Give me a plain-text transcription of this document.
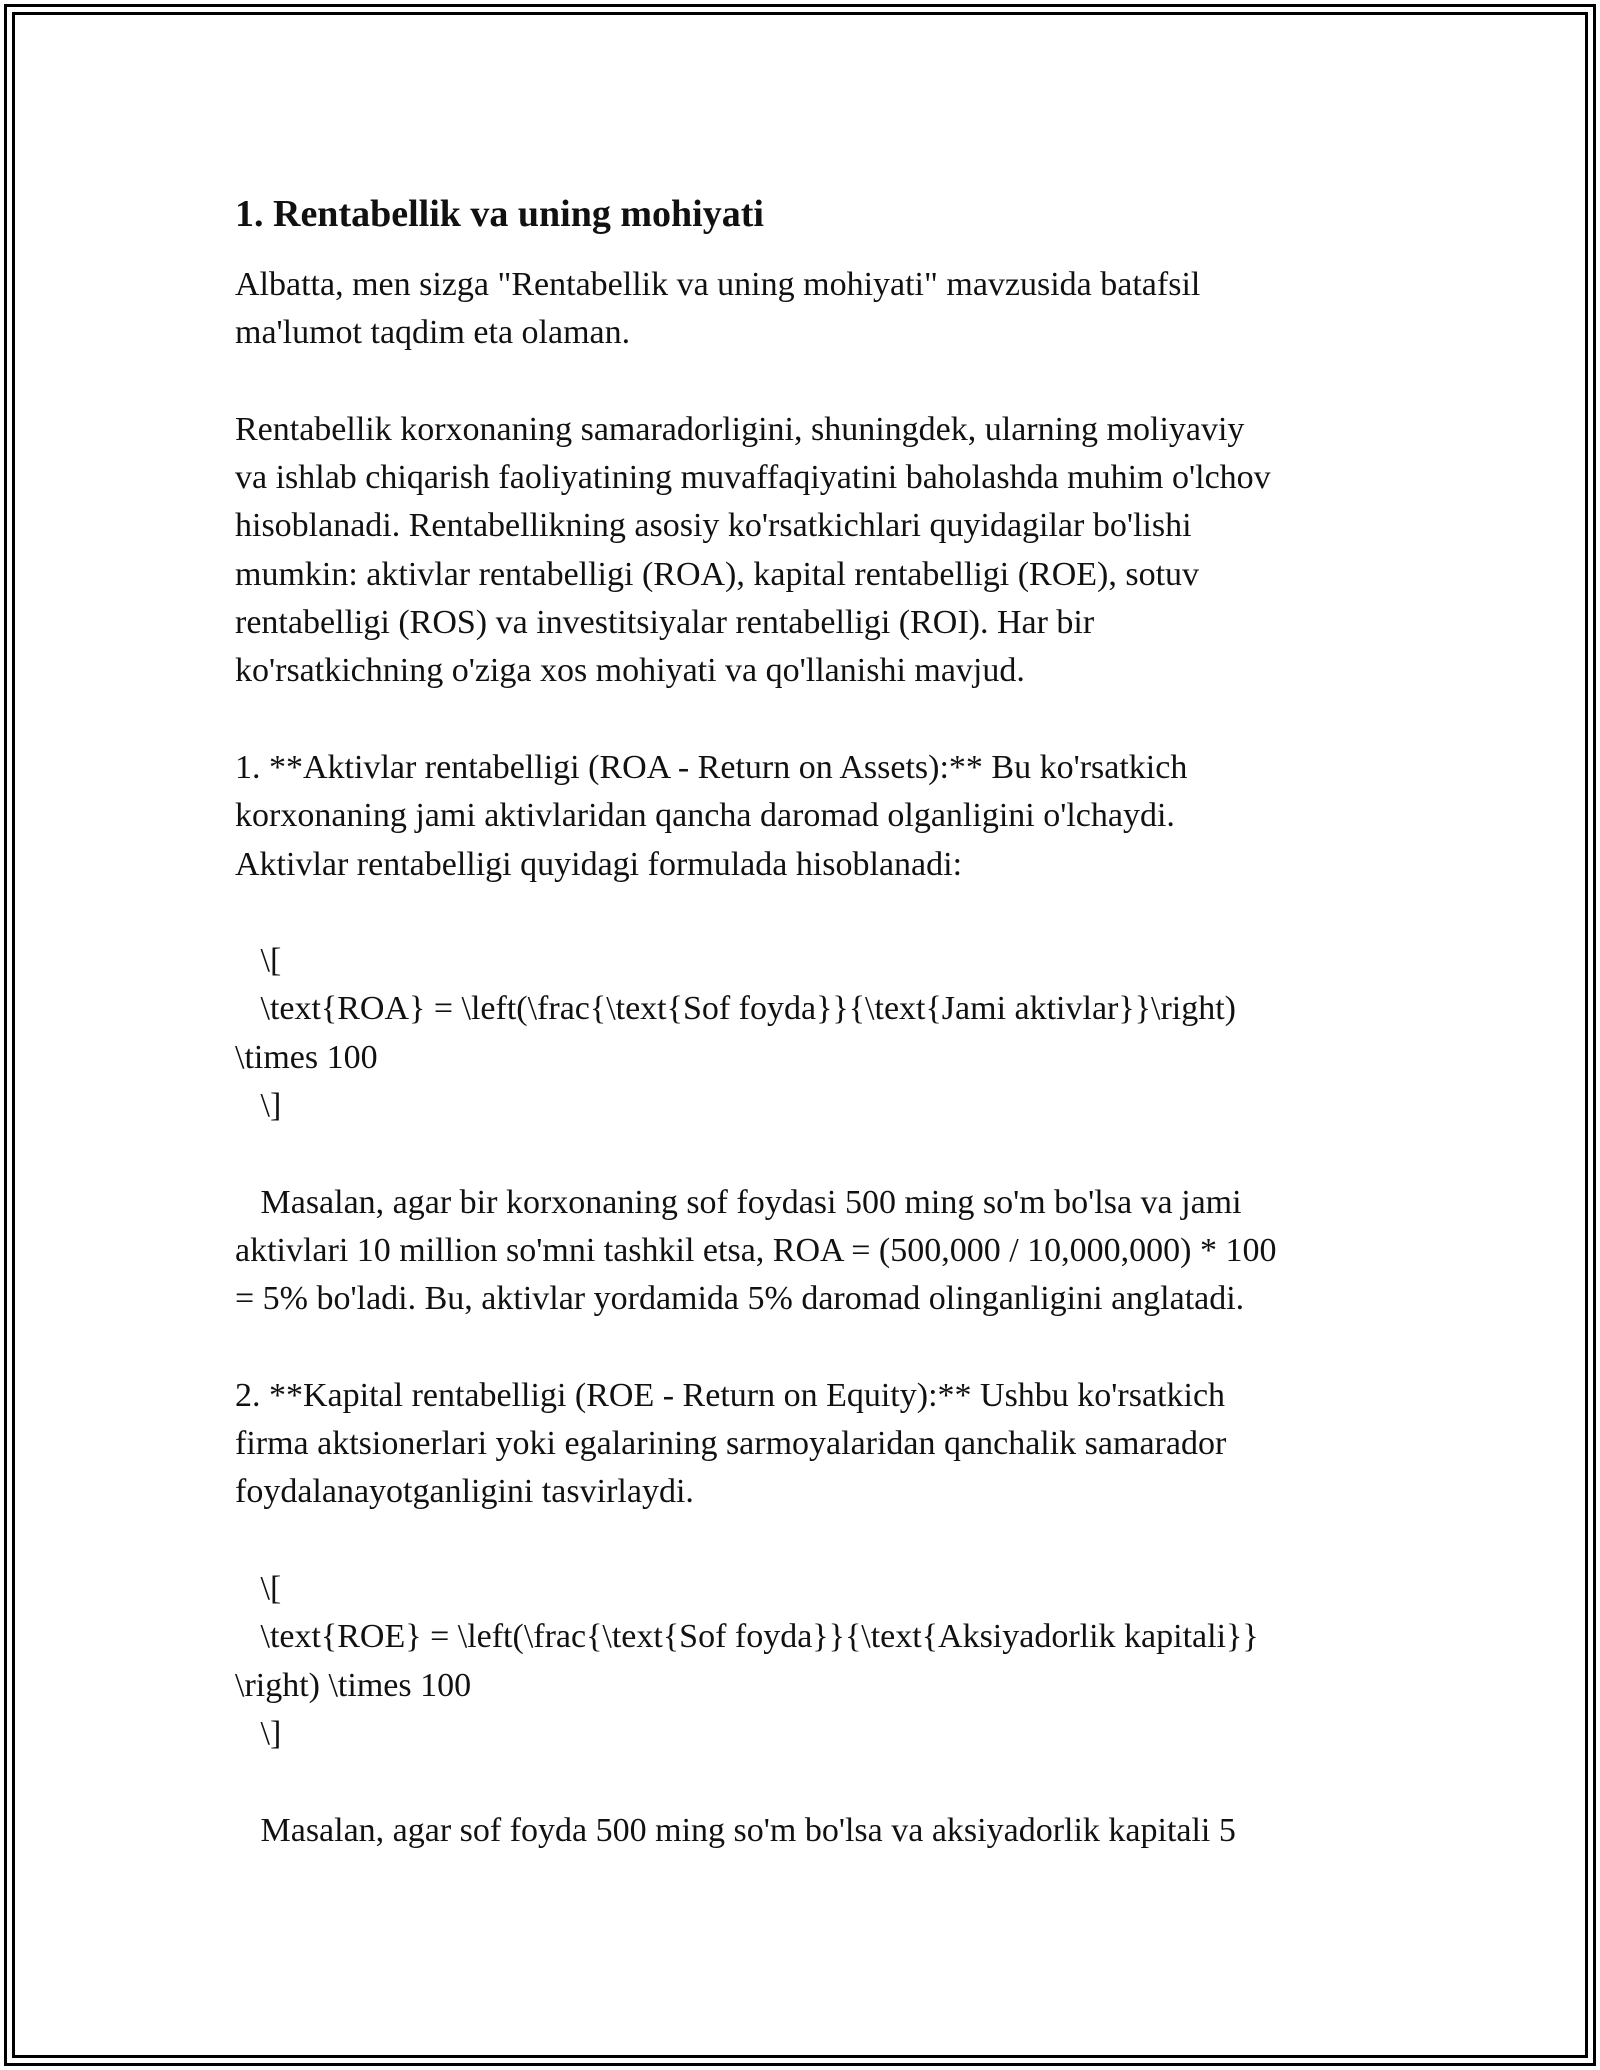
1. Rentabellik va uning mohiyati

Albatta, men sizga "Rentabellik va uning mohiyati" mavzusida batafsil
ma'lumot taqdim eta olaman.

Rentabellik korxonaning samaradorligini, shuningdek, ularning moliyaviy
va ishlab chiqarish faoliyatining muvaffaqiyatini baholashda muhim o'lchov
hisoblanadi. Rentabellikning asosiy ko'rsatkichlari quyidagilar bo'lishi
mumkin: aktivlar rentabelligi (ROA), kapital rentabelligi (ROE), sotuv
rentabelligi (ROS) va investitsiyalar rentabelligi (ROI). Har bir
ko'rsatkichning o'ziga xos mohiyati va qo'llanishi mavjud.

1. **Aktivlar rentabelligi (ROA - Return on Assets):** Bu ko'rsatkich
korxonaning jami aktivlaridan qancha daromad olganligini o'lchaydi.
Aktivlar rentabelligi quyidagi formulada hisoblanadi:

\[
\text{ROA} = \left(\frac{\text{Sof foyda}}{\text{Jami aktivlar}}\right)
\times 100
\]

Masalan, agar bir korxonaning sof foydasi 500 ming so'm bo'lsa va jami
aktivlari 10 million so'mni tashkil etsa, ROA = (500,000 / 10,000,000) * 100
= 5% bo'ladi. Bu, aktivlar yordamida 5% daromad olinganligini anglatadi.

2. **Kapital rentabelligi (ROE - Return on Equity):** Ushbu ko'rsatkich
firma aktsionerlari yoki egalarining sarmoyalaridan qanchalik samarador
foydalanayotganligini tasvirlaydi.

\[
\text{ROE} = \left(\frac{\text{Sof foyda}}{\text{Aksiyadorlik kapitali}}
\right) \times 100
\]

Masalan, agar sof foyda 500 ming so'm bo'lsa va aksiyadorlik kapitali 5
